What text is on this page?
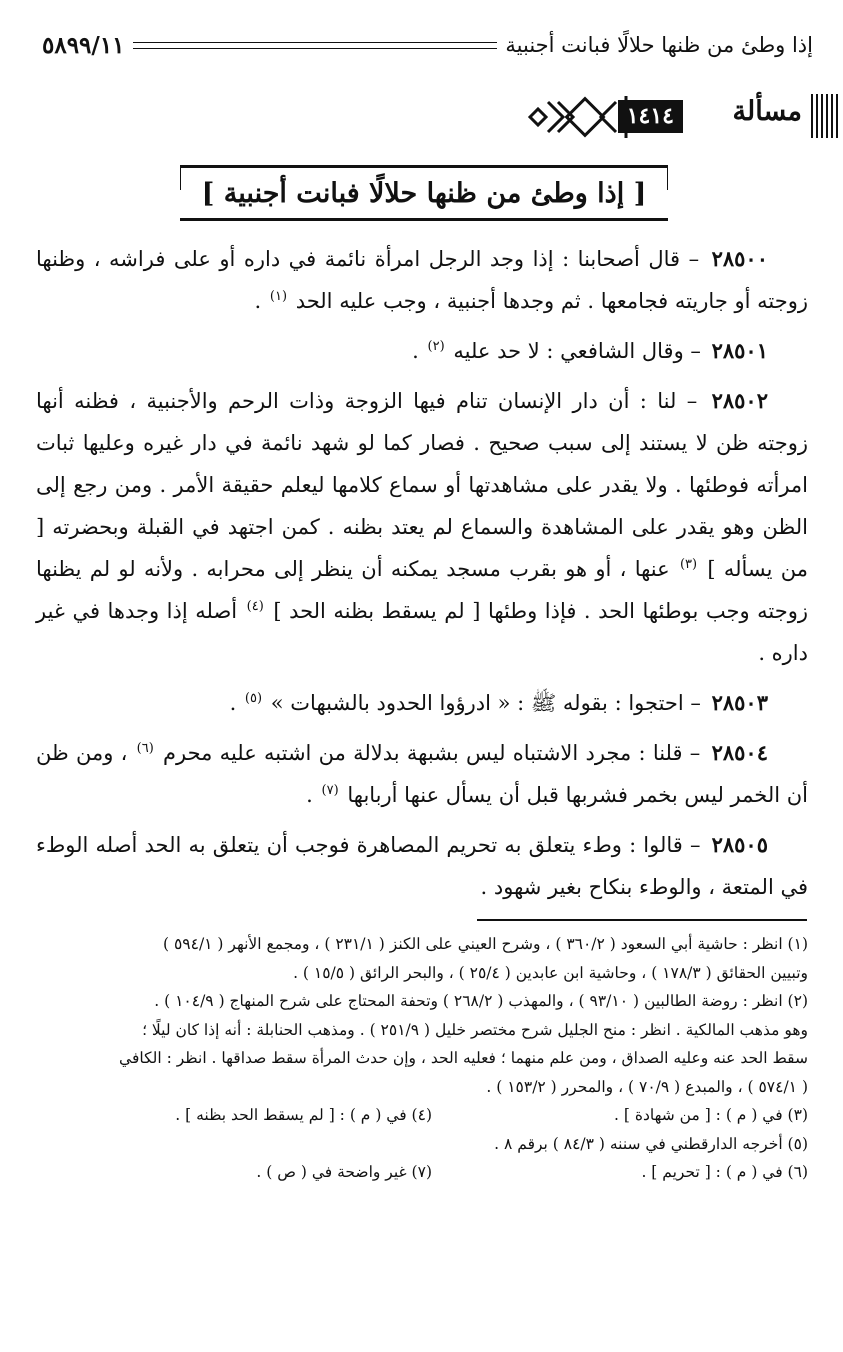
إذا وطئ من ظنها حلالًا فبانت أجنبية
٥٨٩٩/١١
مسألة
١٤١٤
[ إذا وطئ من ظنها حلالًا فبانت أجنبية ]

٢٨٥٠٠ – قال أصحابنا : إذا وجد الرجل امرأة نائمة في داره أو على فراشه ، وظنها زوجته أو جاريته فجامعها . ثم وجدها أجنبية ، وجب عليه الحد $^{(١)}$ .

٢٨٥٠١ – وقال الشافعي : لا حد عليه $^{(٢)}$ .

٢٨٥٠٢ – لنا : أن دار الإنسان تنام فيها الزوجة وذات الرحم والأجنبية ، فظنه أنها زوجته ظن لا يستند إلى سبب صحيح . فصار كما لو شهد نائمة في دار غيره وعليها ثبات امرأته فوطئها . ولا يقدر على مشاهدتها أو سماع كلامها ليعلم حقيقة الأمر . ومن رجع إلى الظن وهو يقدر على المشاهدة والسماع لم يعتد بظنه . كمن اجتهد في القبلة وبحضرته [ من يسأله ] $^{(٣)}$ عنها ، أو هو بقرب مسجد يمكنه أن ينظر إلى محرابه . ولأنه لو لم يظنها زوجته وجب بوطئها الحد . فإذا وطئها [ لم يسقط بظنه الحد ] $^{(٤)}$ أصله إذا وجدها في غير داره .

٢٨٥٠٣ – احتجوا : بقوله ﷺ : « ادرؤوا الحدود بالشبهات » $^{(٥)}$ .

٢٨٥٠٤ – قلنا : مجرد الاشتباه ليس بشبهة بدلالة من اشتبه عليه محرم $^{(٦)}$ ، ومن ظن أن الخمر ليس بخمر فشربها قبل أن يسأل عنها أربابها $^{(٧)}$ .

٢٨٥٠٥ – قالوا : وطء يتعلق به تحريم المصاهرة فوجب أن يتعلق به الحد أصله الوطء في المتعة ، والوطء بنكاح بغير شهود .

(١) انظر : حاشية أبي السعود ( ٣٦٠/٢ ) ، وشرح العيني على الكنز ( ٢٣١/١ ) ، ومجمع الأنهر ( ٥٩٤/١ )
وتبيين الحقائق ( ١٧٨/٣ ) ، وحاشية ابن عابدين ( ٢٥/٤ ) ، والبحر الرائق ( ١٥/٥ ) .
(٢) انظر : روضة الطالبين ( ٩٣/١٠ ) ، والمهذب ( ٢٦٨/٢ ) وتحفة المحتاج على شرح المنهاج ( ١٠٤/٩ ) .
وهو مذهب المالكية . انظر : منح الجليل شرح مختصر خليل ( ٢٥١/٩ ) . ومذهب الحنابلة : أنه إذا كان ليلًا ؛
سقط الحد عنه وعليه الصداق ، ومن علم منهما ؛ فعليه الحد ، وإن حدث المرأة سقط صداقها . انظر : الكافي
( ٥٧٤/١ ) ، والمبدع ( ٧٠/٩ ) ، والمحرر ( ١٥٣/٢ ) .
(٣) في ( م ) : [ من شهادة ] .
(٤) في ( م ) : [ لم يسقط الحد بظنه ] .
(٥) أخرجه الدارقطني في سننه ( ٨٤/٣ ) برقم ٨ .
(٦) في ( م ) : [ تحريم ] .
(٧) غير واضحة في ( ص ) .
